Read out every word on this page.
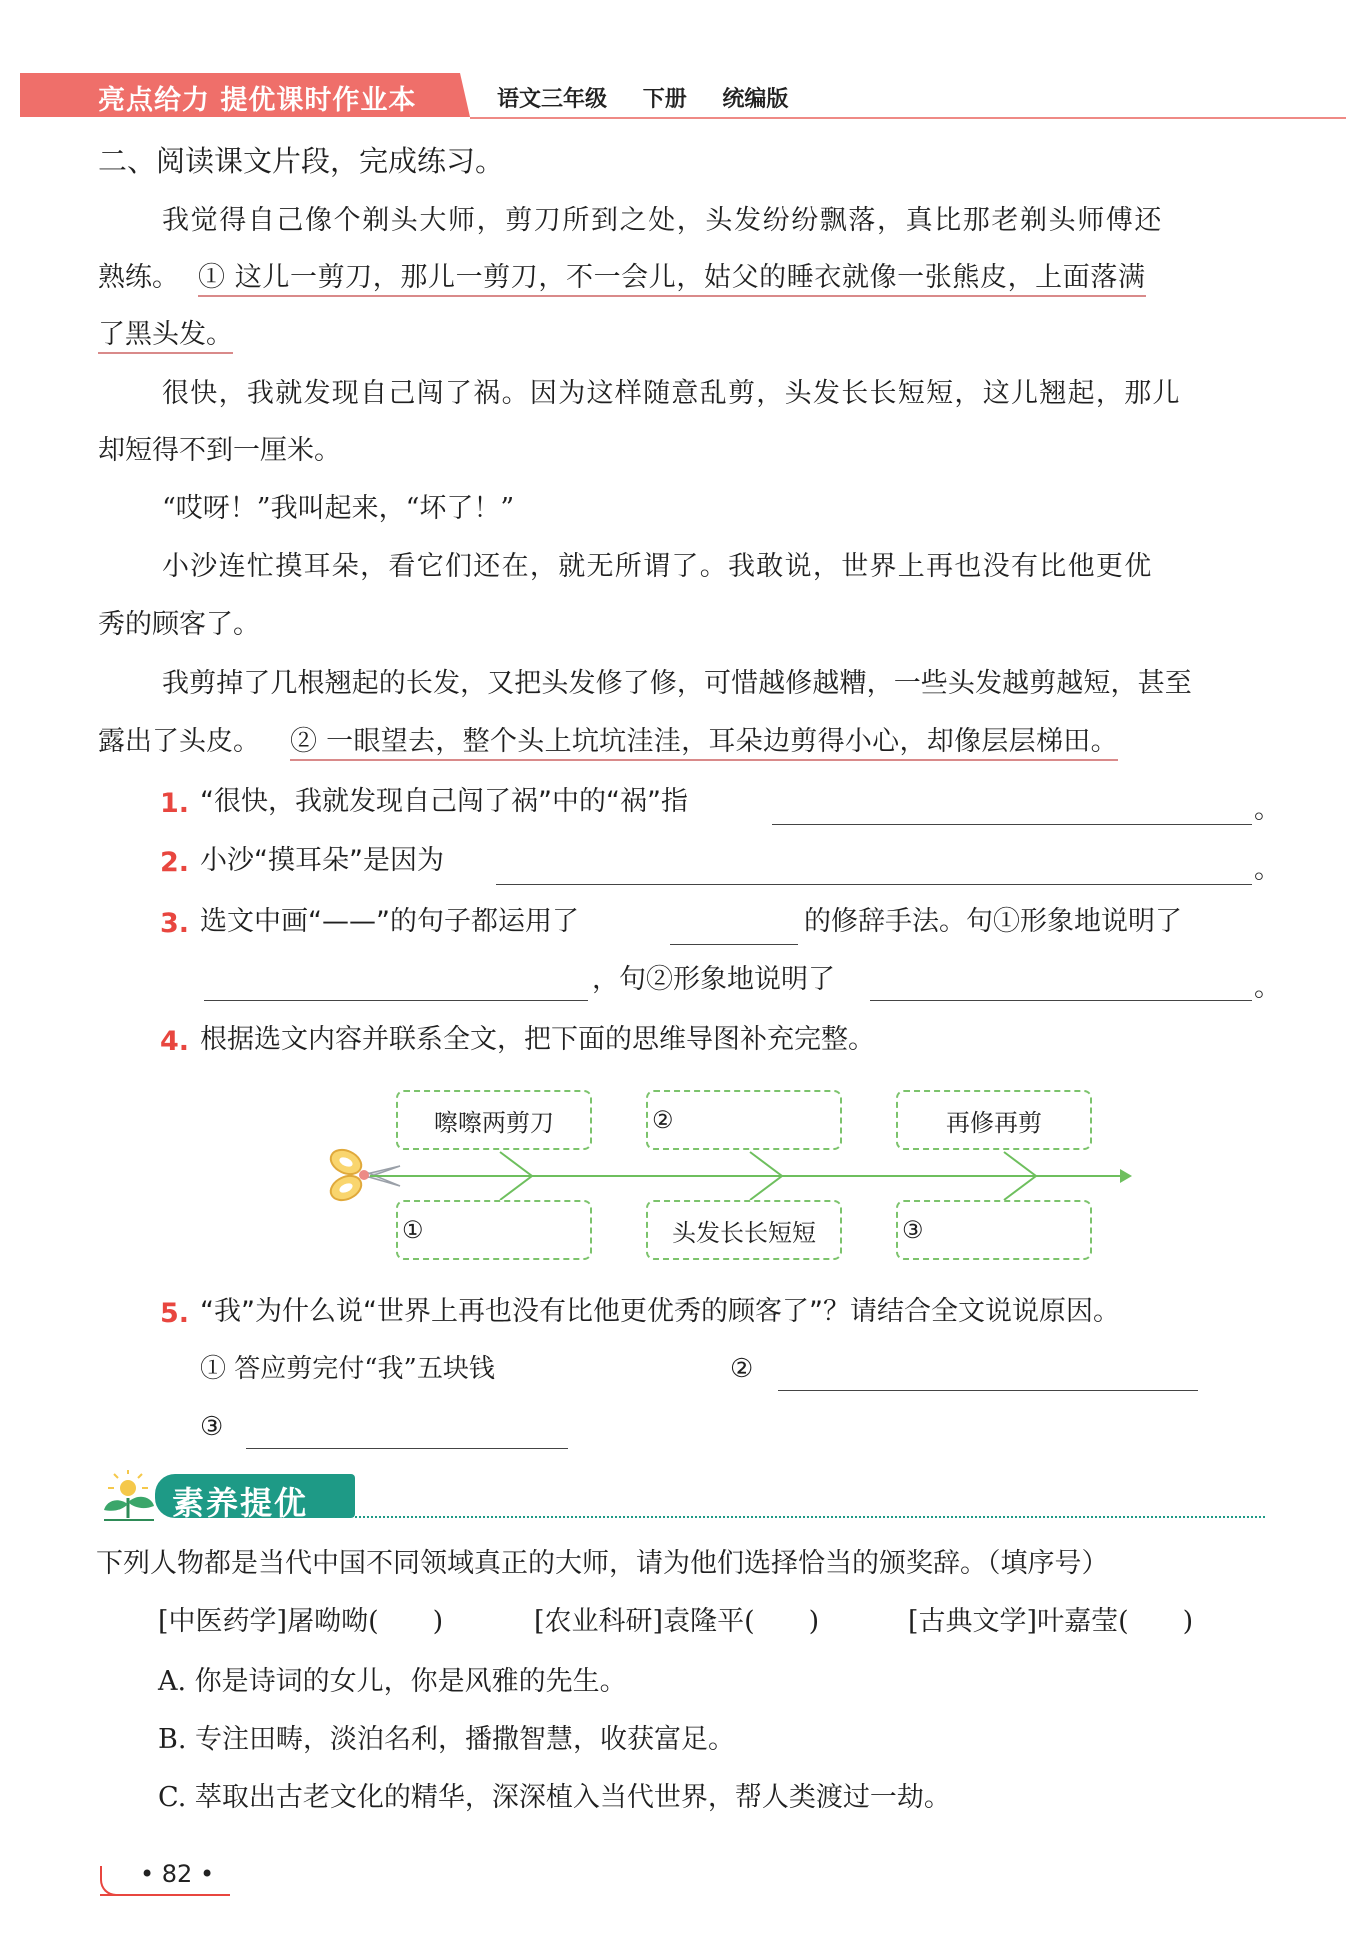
亮点给力 提优课时作业本	语文三年级 下册 统编版
二、阅读课文片段，完成练习。
我觉得自己像个剃头大师，剪刀所到之处，头发纷纷飘落，真比那老剃头师傅还
熟练。 ① 这儿一剪刀，那儿一剪刀，不一会儿，姑父的睡衣就像一张熊皮，上面落满
了黑头发。
很快，我就发现自己闯了祸。因为这样随意乱剪，头发长长短短，这儿翘起，那儿
却短得不到一厘米。
“哎呀！”我叫起来，“坏了！”
小沙连忙摸耳朵，看它们还在，就无所谓了。我敢说，世界上再也没有比他更优
秀的顾客了。
我剪掉了几根翘起的长发，又把头发修了修，可惜越修越糟，一些头发越剪越短，甚至
露出了头皮。 ② 一眼望去，整个头上坑坑洼洼，耳朵边剪得小心，却像层层梯田。
1. “很快，我就发现自己闯了祸”中的“祸”指	。
2. 小沙“摸耳朵”是因为	。
3. 选文中画“——”的句子都运用了	的修辞手法。句①形象地说明了
，句②形象地说明了	。
4. 根据选文内容并联系全文，把下面的思维导图补充完整。
嚓嚓两剪刀	②	再修再剪
①	头发长长短短	③
5. “我”为什么说“世界上再也没有比他更优秀的顾客了”？请结合全文说说原因。
① 答应剪完付“我”五块钱	②
③
素养提优
下列人物都是当代中国不同领域真正的大师，请为他们选择恰当的颁奖辞。（填序号）
[中医药学]屠呦呦(　　)	[农业科研]袁隆平(　　)	[古典文学]叶嘉莹(　　)
A. 你是诗词的女儿，你是风雅的先生。
B. 专注田畴，淡泊名利，播撒智慧，收获富足。
C. 萃取出古老文化的精华，深深植入当代世界，帮人类渡过一劫。
• 82 •
